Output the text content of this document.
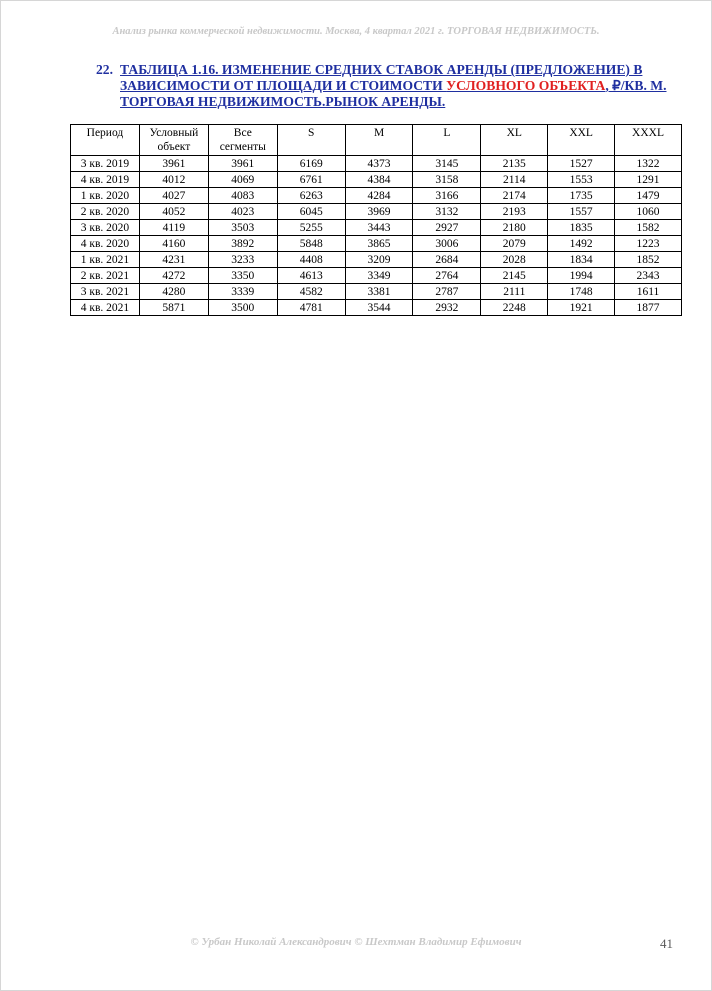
Анализ рынка коммерческой недвижимости. Москва, 4 квартал 2021 г. ТОРГОВАЯ НЕДВИЖИМОСТЬ.
22. ТАБЛИЦА 1.16. ИЗМЕНЕНИЕ СРЕДНИХ СТАВОК АРЕНДЫ (ПРЕДЛОЖЕНИЕ) В ЗАВИСИМОСТИ ОТ ПЛОЩАДИ И СТОИМОСТИ УСЛОВНОГО ОБЪЕКТА, ₽/КВ. М. ТОРГОВАЯ НЕДВИЖИМОСТЬ.РЫНОК АРЕНДЫ.
Период	Условный объект	Все сегменты	S	M	L	XL	XXL	XXXL
3 кв. 2019	3961	3961	6169	4373	3145	2135	1527	1322
4 кв. 2019	4012	4069	6761	4384	3158	2114	1553	1291
1 кв. 2020	4027	4083	6263	4284	3166	2174	1735	1479
2 кв. 2020	4052	4023	6045	3969	3132	2193	1557	1060
3 кв. 2020	4119	3503	5255	3443	2927	2180	1835	1582
4 кв. 2020	4160	3892	5848	3865	3006	2079	1492	1223
1 кв. 2021	4231	3233	4408	3209	2684	2028	1834	1852
2 кв. 2021	4272	3350	4613	3349	2764	2145	1994	2343
3 кв. 2021	4280	3339	4582	3381	2787	2111	1748	1611
4 кв. 2021	5871	3500	4781	3544	2932	2248	1921	1877
© Урбан Николай Александрович © Шехтман Владимир Ефимович	41
